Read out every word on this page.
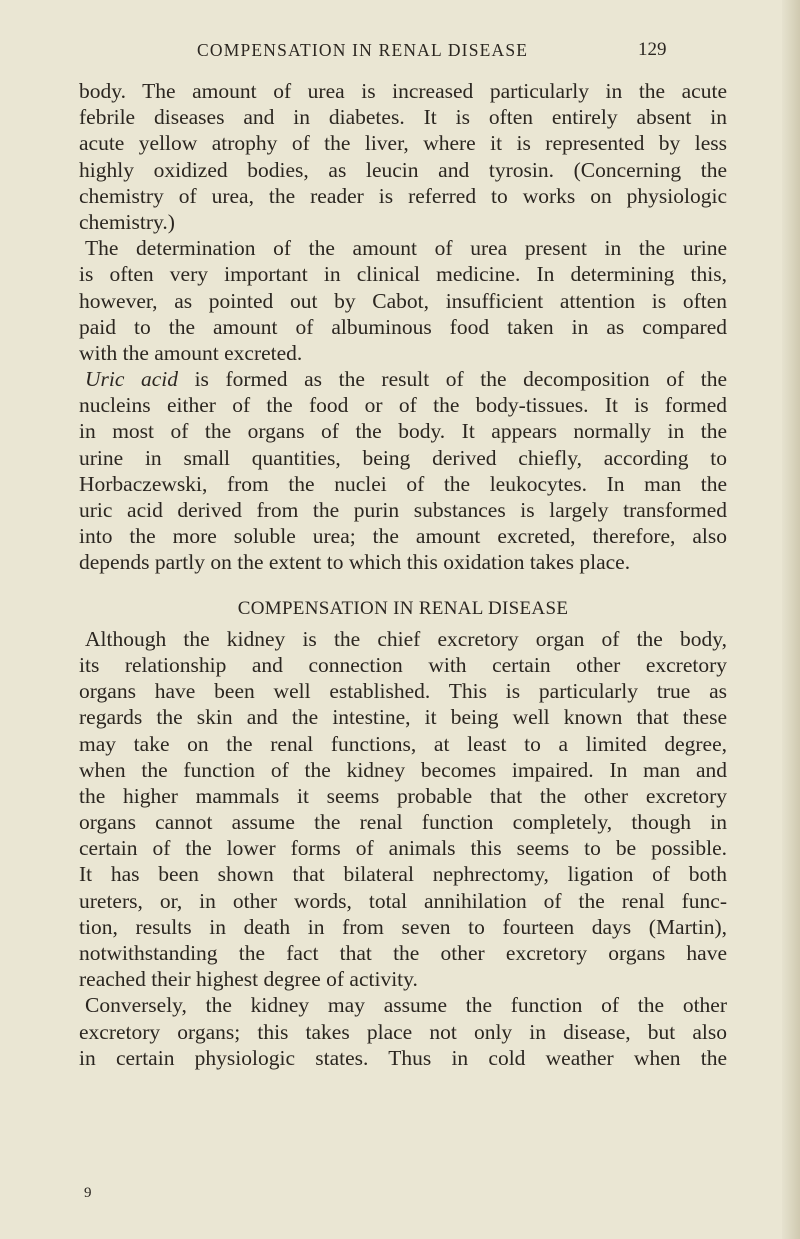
COMPENSATION IN RENAL DISEASE	129
body. The amount of urea is increased particularly in the acute
febrile diseases and in diabetes. It is often entirely absent in
acute yellow atrophy of the liver, where it is represented by less
highly oxidized bodies, as leucin and tyrosin. (Concerning the
chemistry of urea, the reader is referred to works on physiologic
chemistry.)
The determination of the amount of urea present in the urine
is often very important in clinical medicine. In determining this,
however, as pointed out by Cabot, insufficient attention is often
paid to the amount of albuminous food taken in as compared
with the amount excreted.
Uric acid is formed as the result of the decomposition of the
nucleins either of the food or of the body-tissues. It is formed
in most of the organs of the body. It appears normally in the
urine in small quantities, being derived chiefly, according to
Horbaczewski, from the nuclei of the leukocytes. In man the
uric acid derived from the purin substances is largely transformed
into the more soluble urea; the amount excreted, therefore, also
depends partly on the extent to which this oxidation takes place.
COMPENSATION IN RENAL DISEASE
Although the kidney is the chief excretory organ of the body,
its relationship and connection with certain other excretory
organs have been well established. This is particularly true as
regards the skin and the intestine, it being well known that these
may take on the renal functions, at least to a limited degree,
when the function of the kidney becomes impaired. In man and
the higher mammals it seems probable that the other excretory
organs cannot assume the renal function completely, though in
certain of the lower forms of animals this seems to be possible.
It has been shown that bilateral nephrectomy, ligation of both
ureters, or, in other words, total annihilation of the renal func-
tion, results in death in from seven to fourteen days (Martin),
notwithstanding the fact that the other excretory organs have
reached their highest degree of activity.
Conversely, the kidney may assume the function of the other
excretory organs; this takes place not only in disease, but also
in certain physiologic states. Thus in cold weather when the
9
